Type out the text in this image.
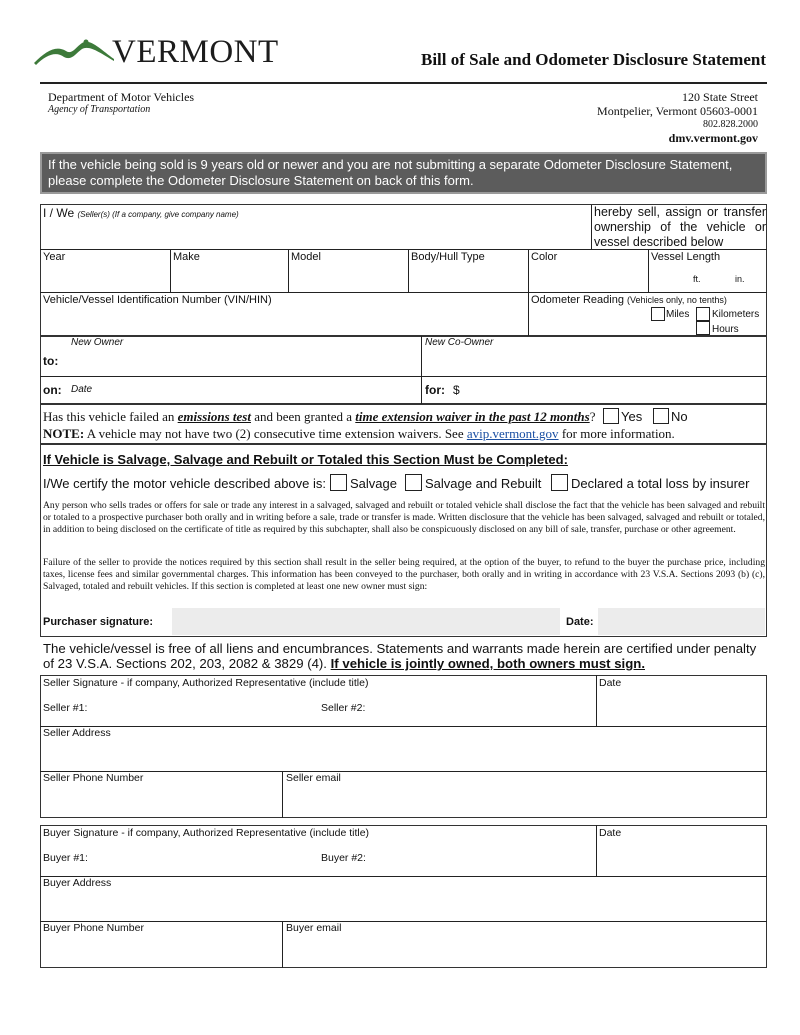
VERMONT	Bill of Sale and Odometer Disclosure Statement
Department of Motor Vehicles
Agency of Transportation
120 State Street
Montpelier, Vermont 05603-0001
802.828.2000
dmv.vermont.gov
If the vehicle being sold is 9 years old or newer and you are not submitting a separate Odometer Disclosure Statement, please complete the Odometer Disclosure Statement on back of this form.
I / We (Seller(s) (If a company, give company name)	hereby sell, assign or transfer ownership of the vehicle or vessel described below
Year	Make	Model	Body/Hull Type	Color	Vessel Length
ft.	in.
Vehicle/Vessel Identification Number (VIN/HIN)	Odometer Reading (Vehicles only, no tenths)
Miles Kilometers
Hours
New Owner	New Co-Owner
to:
on: Date	for: $
Has this vehicle failed an emissions test and been granted a time extension waiver in the past 12 months? Yes No
NOTE: A vehicle may not have two (2) consecutive time extension waivers. See avip.vermont.gov for more information.
If Vehicle is Salvage, Salvage and Rebuilt or Totaled this Section Must be Completed:
I/We certify the motor vehicle described above is: Salvage Salvage and Rebuilt Declared a total loss by insurer
Any person who sells trades or offers for sale or trade any interest in a salvaged, salvaged and rebuilt or totaled vehicle shall disclose the fact that the vehicle has been salvaged and rebuilt or totaled to a prospective purchaser both orally and in writing before a sale, trade or transfer is made. Written disclosure that the vehicle has been salvaged, salvaged and rebuilt or totaled, in addition to being disclosed on the certificate of title as required by this subchapter, shall also be conspicuously disclosed on any bill of sale, transfer, purchase or other agreement.
Failure of the seller to provide the notices required by this section shall result in the seller being required, at the option of the buyer, to refund to the buyer the purchase price, including taxes, license fees and similar governmental charges. This information has been conveyed to the purchaser, both orally and in writing in accordance with 23 V.S.A. Sections 2093 (b) (c), Salvaged, totaled and rebuilt vehicles. If this section is completed at least one new owner must sign:
Purchaser signature:	Date:
The vehicle/vessel is free of all liens and encumbrances. Statements and warrants made herein are certified under penalty of 23 V.S.A. Sections 202, 203, 2082 & 3829 (4). If vehicle is jointly owned, both owners must sign.
Seller Signature - if company, Authorized Representative (include title)	Date
Seller #1:	Seller #2:
Seller Address
Seller Phone Number	Seller email
Buyer Signature - if company, Authorized Representative (include title)	Date
Buyer #1:	Buyer #2:
Buyer Address
Buyer Phone Number	Buyer email
